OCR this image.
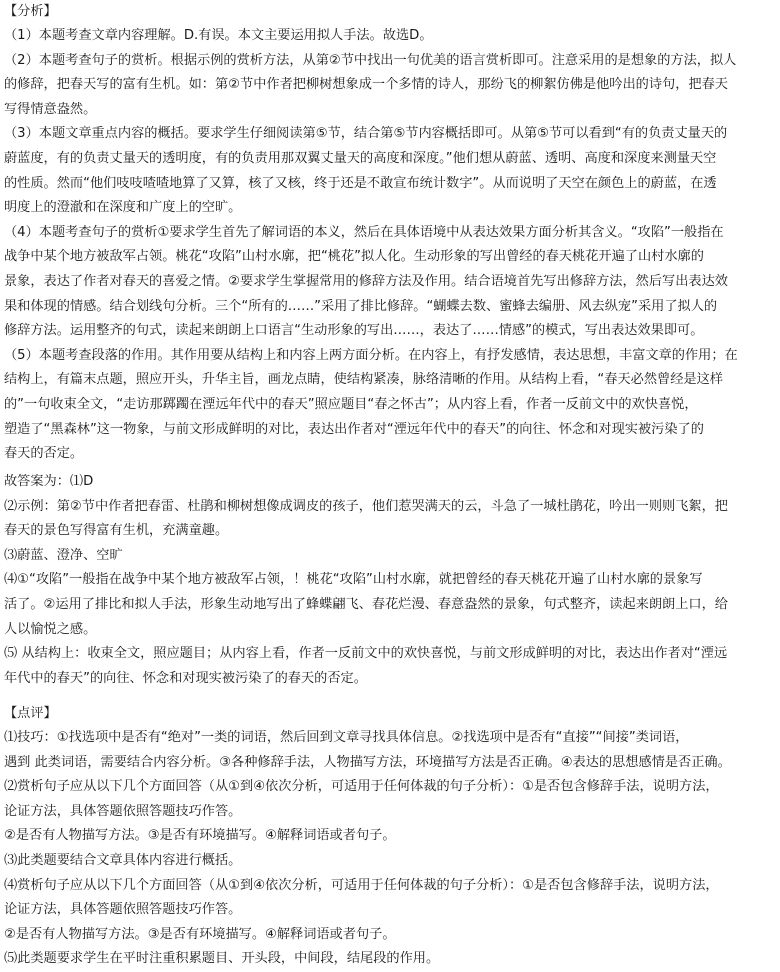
【分析】
（1）本题考查文章内容理解。D.有误。本文主要运用拟人手法。故选D。
（2）本题考查句子的赏析。根据示例的赏析方法，从第②节中找出一句优美的语言赏析即可。注意采用的是想象的方法，拟人
的修辞，把春天写的富有生机。如：第②节中作者把柳树想象成一个多情的诗人，那纷飞的柳絮仿佛是他吟出的诗句，把春天
写得情意盎然。
（3）本题文章重点内容的概括。要求学生仔细阅读第⑤节，结合第⑤节内容概括即可。从第⑤节可以看到“有的负责丈量天的
蔚蓝度，有的负责丈量天的透明度，有的负责用那双翼丈量天的高度和深度。”他们想从蔚蓝、透明、高度和深度来测量天空
的性质。然而“他们吱吱喳喳地算了又算，核了又核，终于还是不敢宣布统计数字”。从而说明了天空在颜色上的蔚蓝，在透
明度上的澄澈和在深度和广度上的空旷。
（4）本题考查句子的赏析①要求学生首先了解词语的本义，然后在具体语境中从表达效果方面分析其含义。“攻陷”一般指在
战争中某个地方被敌军占领。桃花“攻陷”山村水廓，把“桃花”拟人化。生动形象的写出曾经的春天桃花开遍了山村水廓的
景象，表达了作者对春天的喜爱之情。②要求学生掌握常用的修辞方法及作用。结合语境首先写出修辞方法，然后写出表达效
果和体现的情感。结合划线句分析。三个“所有的……”采用了排比修辞。“蝴蝶去数、蜜蜂去编册、风去纵宠”采用了拟人的
修辞方法。运用整齐的句式，读起来朗朗上口语言“生动形象的写出……，表达了……情感”的模式，写出表达效果即可。
（5）本题考查段落的作用。其作用要从结构上和内容上两方面分析。在内容上，有抒发感情，表达思想，丰富文章的作用；在
结构上，有篇末点题，照应开头，升华主旨，画龙点睛，使结构紧凑，脉络清晰的作用。从结构上看，“春天必然曾经是这样
的”一句收束全文，“走访那踯躅在湮远年代中的春天”照应题目“春之怀古”；从内容上看，作者一反前文中的欢快喜悦，
塑造了“黑森林”这一物象，与前文形成鲜明的对比，表达出作者对“湮远年代中的春天”的向往、怀念和对现实被污染了的
春天的否定。
故答案为：⑴D
⑵示例：第②节中作者把春雷、杜鹃和柳树想像成调皮的孩子，他们惹哭满天的云，斗急了一城杜鹃花，吟出一则则飞絮，把
春天的景色写得富有生机，充满童趣。
⑶蔚蓝、澄净、空旷
⑷①“攻陷”一般指在战争中某个地方被敌军占领，！桃花“攻陷”山村水廓，就把曾经的春天桃花开遍了山村水廓的景象写
活了。②运用了排比和拟人手法，形象生动地写出了蜂蝶翩飞、春花烂漫、春意盎然的景象，句式整齐，读起来朗朗上口，给
人以愉悦之感。
⑸ 从结构上：收束全文，照应题目；从内容上看，作者一反前文中的欢快喜悦，与前文形成鲜明的对比，表达出作者对“湮远
年代中的春天”的向往、怀念和对现实被污染了的春天的否定。
【点评】
⑴技巧：①找选项中是否有“绝对”一类的词语，然后回到文章寻找具体信息。②找选项中是否有“直接”“间接”类词语，
遇到 此类词语，需要结合内容分析。③各种修辞手法，人物描写方法，环境描写方法是否正确。④表达的思想感情是否正确。
⑵赏析句子应从以下几个方面回答（从①到④依次分析，可适用于任何体裁的句子分析）：①是否包含修辞手法，说明方法，
论证方法，具体答题依照答题技巧作答。
②是否有人物描写方法。③是否有环境描写。④解释词语或者句子。
⑶此类题要结合文章具体内容进行概括。
⑷赏析句子应从以下几个方面回答（从①到④依次分析，可适用于任何体裁的句子分析）：①是否包含修辞手法，说明方法，
论证方法，具体答题依照答题技巧作答。
②是否有人物描写方法。③是否有环境描写。④解释词语或者句子。
⑸此类题要求学生在平时注重积累题目、开头段，中间段，结尾段的作用。
